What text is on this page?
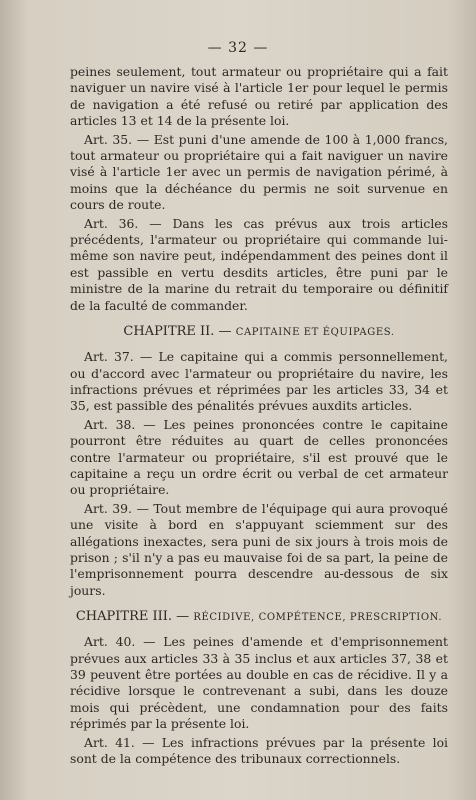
— 32 —

peines seulement, tout armateur ou propriétaire qui a fait naviguer un navire visé à l'article 1er pour lequel le permis de navigation a été refusé ou retiré par application des articles 13 et 14 de la présente loi.

Art. 35. — Est puni d'une amende de 100 à 1,000 francs, tout armateur ou propriétaire qui a fait naviguer un navire visé à l'article 1er avec un permis de navigation périmé, à moins que la déchéance du permis ne soit survenue en cours de route.

Art. 36. — Dans les cas prévus aux trois articles précédents, l'armateur ou propriétaire qui commande lui-même son navire peut, indépendamment des peines dont il est passible en vertu desdits articles, être puni par le ministre de la marine du retrait du temporaire ou définitif de la faculté de commander.

CHAPITRE II. — CAPITAINE ET ÉQUIPAGES.

Art. 37. — Le capitaine qui a commis personnellement, ou d'accord avec l'armateur ou propriétaire du navire, les infractions prévues et réprimées par les articles 33, 34 et 35, est passible des pénalités prévues auxdits articles.

Art. 38. — Les peines prononcées contre le capitaine pourront être réduites au quart de celles prononcées contre l'armateur ou propriétaire, s'il est prouvé que le capitaine a reçu un ordre écrit ou verbal de cet armateur ou propriétaire.

Art. 39. — Tout membre de l'équipage qui aura provoqué une visite à bord en s'appuyant sciemment sur des allégations inexactes, sera puni de six jours à trois mois de prison ; s'il n'y a pas eu mauvaise foi de sa part, la peine de l'emprisonnement pourra descendre au-dessous de six jours.

CHAPITRE III. — RÉCIDIVE, COMPÉTENCE, PRESCRIPTION.

Art. 40. — Les peines d'amende et d'emprisonnement prévues aux articles 33 à 35 inclus et aux articles 37, 38 et 39 peuvent être portées au double en cas de récidive. Il y a récidive lorsque le contrevenant a subi, dans les douze mois qui précèdent, une condamnation pour des faits réprimés par la présente loi.

Art. 41. — Les infractions prévues par la présente loi sont de la compétence des tribunaux correctionnels.
